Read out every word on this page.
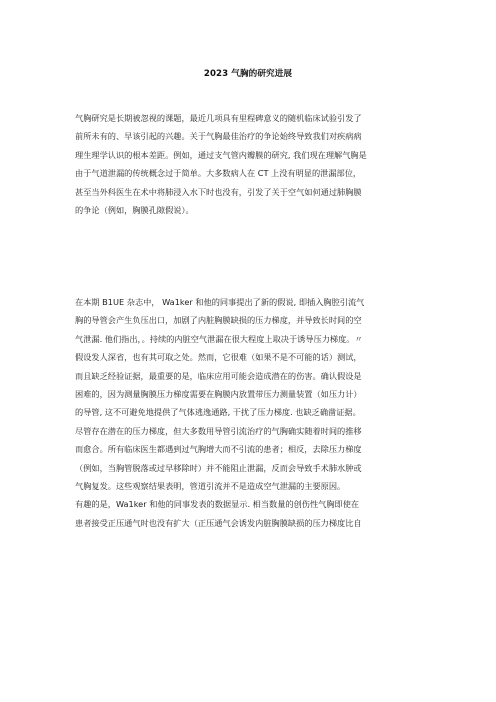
2023 气胸的研究进展
气胸研究是长期被忽视的课题，最近几项具有里程碑意义的随机临床试验引发了
前所未有的、早该引起的兴趣。关于气胸最佳治疗的争论始终导致我们对疾病病
理生理学认识的根本差距。例如，通过支气管内瓣膜的研究, 我们现在理解气胸是
由于气道泄漏的传统概念过于简单。大多数病人在 CT 上没有明显的泄漏部位，
甚至当外科医生在术中将肺浸入水下时也没有，引发了关于空气如何通过肺胸膜
的争论（例如，胸膜孔隙假说）。
在本期 B1UE 杂志中， Wa1ker 和他的同事提出了新的假说, 即插入胸腔引流气
胸的导管会产生负压出口，加剧了内脏胸膜缺损的压力梯度，并导致长时间的空
气泄漏. 他们指出，。持续的内脏空气泄漏在很大程度上取决于诱导压力梯度。〃
假设发人深省，也有其可取之处。然而，它很难（如果不是不可能的话）测试，
而且缺乏经验证据，最重要的是，临床应用可能会造成潜在的伤害。确认假设是
困难的，因为测量胸膜压力梯度需要在胸膜内放置带压力测量装置（如压力计）
的导管, 这不可避免地提供了气体逃逸通路, 干扰了压力梯度. 也缺乏确凿证据。
尽管存在潜在的压力梯度，但大多数用导管引流治疗的气胸确实随着时间的推移
而愈合。所有临床医生都遇到过气胸增大而不引流的患者；相反，去除压力梯度
（例如，当胸管脱落或过早移除时）并不能阻止泄漏，反而会导致手术肺水肿或
气胸复发。这些观察结果表明，管道引流并不是造成空气泄漏的主要原因。
有趣的是，Wa1ker 和他的同事发表的数据显示. 相当数量的创伤性气胸即使在
患者接受正压通气时也没有扩大（正压通气会诱发内脏胸膜缺损的压力梯度比自
